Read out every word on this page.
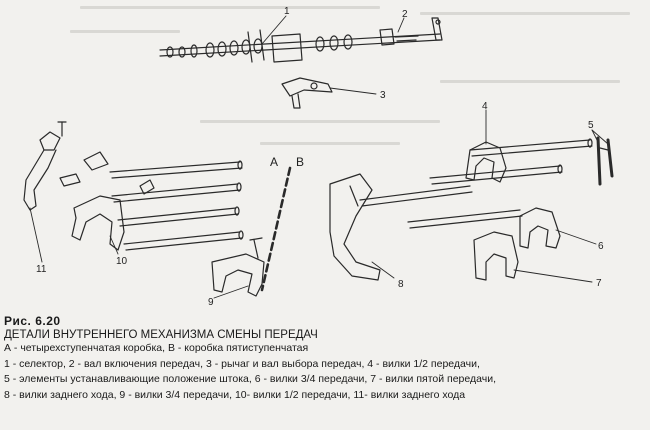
1	2
3
4
5
6
7
8
9
10
11
A B
Рис. 6.20
ДЕТАЛИ ВНУТРЕННЕГО МЕХАНИЗМА СМЕНЫ ПЕРЕДАЧ
А - четырехступенчатая коробка, В - коробка пятиступенчатая
1 - селектор, 2 - вал включения передач, 3 - рычаг и вал выбора передач, 4 - вилки 1/2 передачи,
5 - элементы устанавливающие положение штока, 6 - вилки 3/4 передачи, 7 - вилки пятой передачи,
8 - вилки заднего хода, 9 - вилки 3/4 передачи, 10- вилки 1/2 передачи, 11- вилки заднего хода
